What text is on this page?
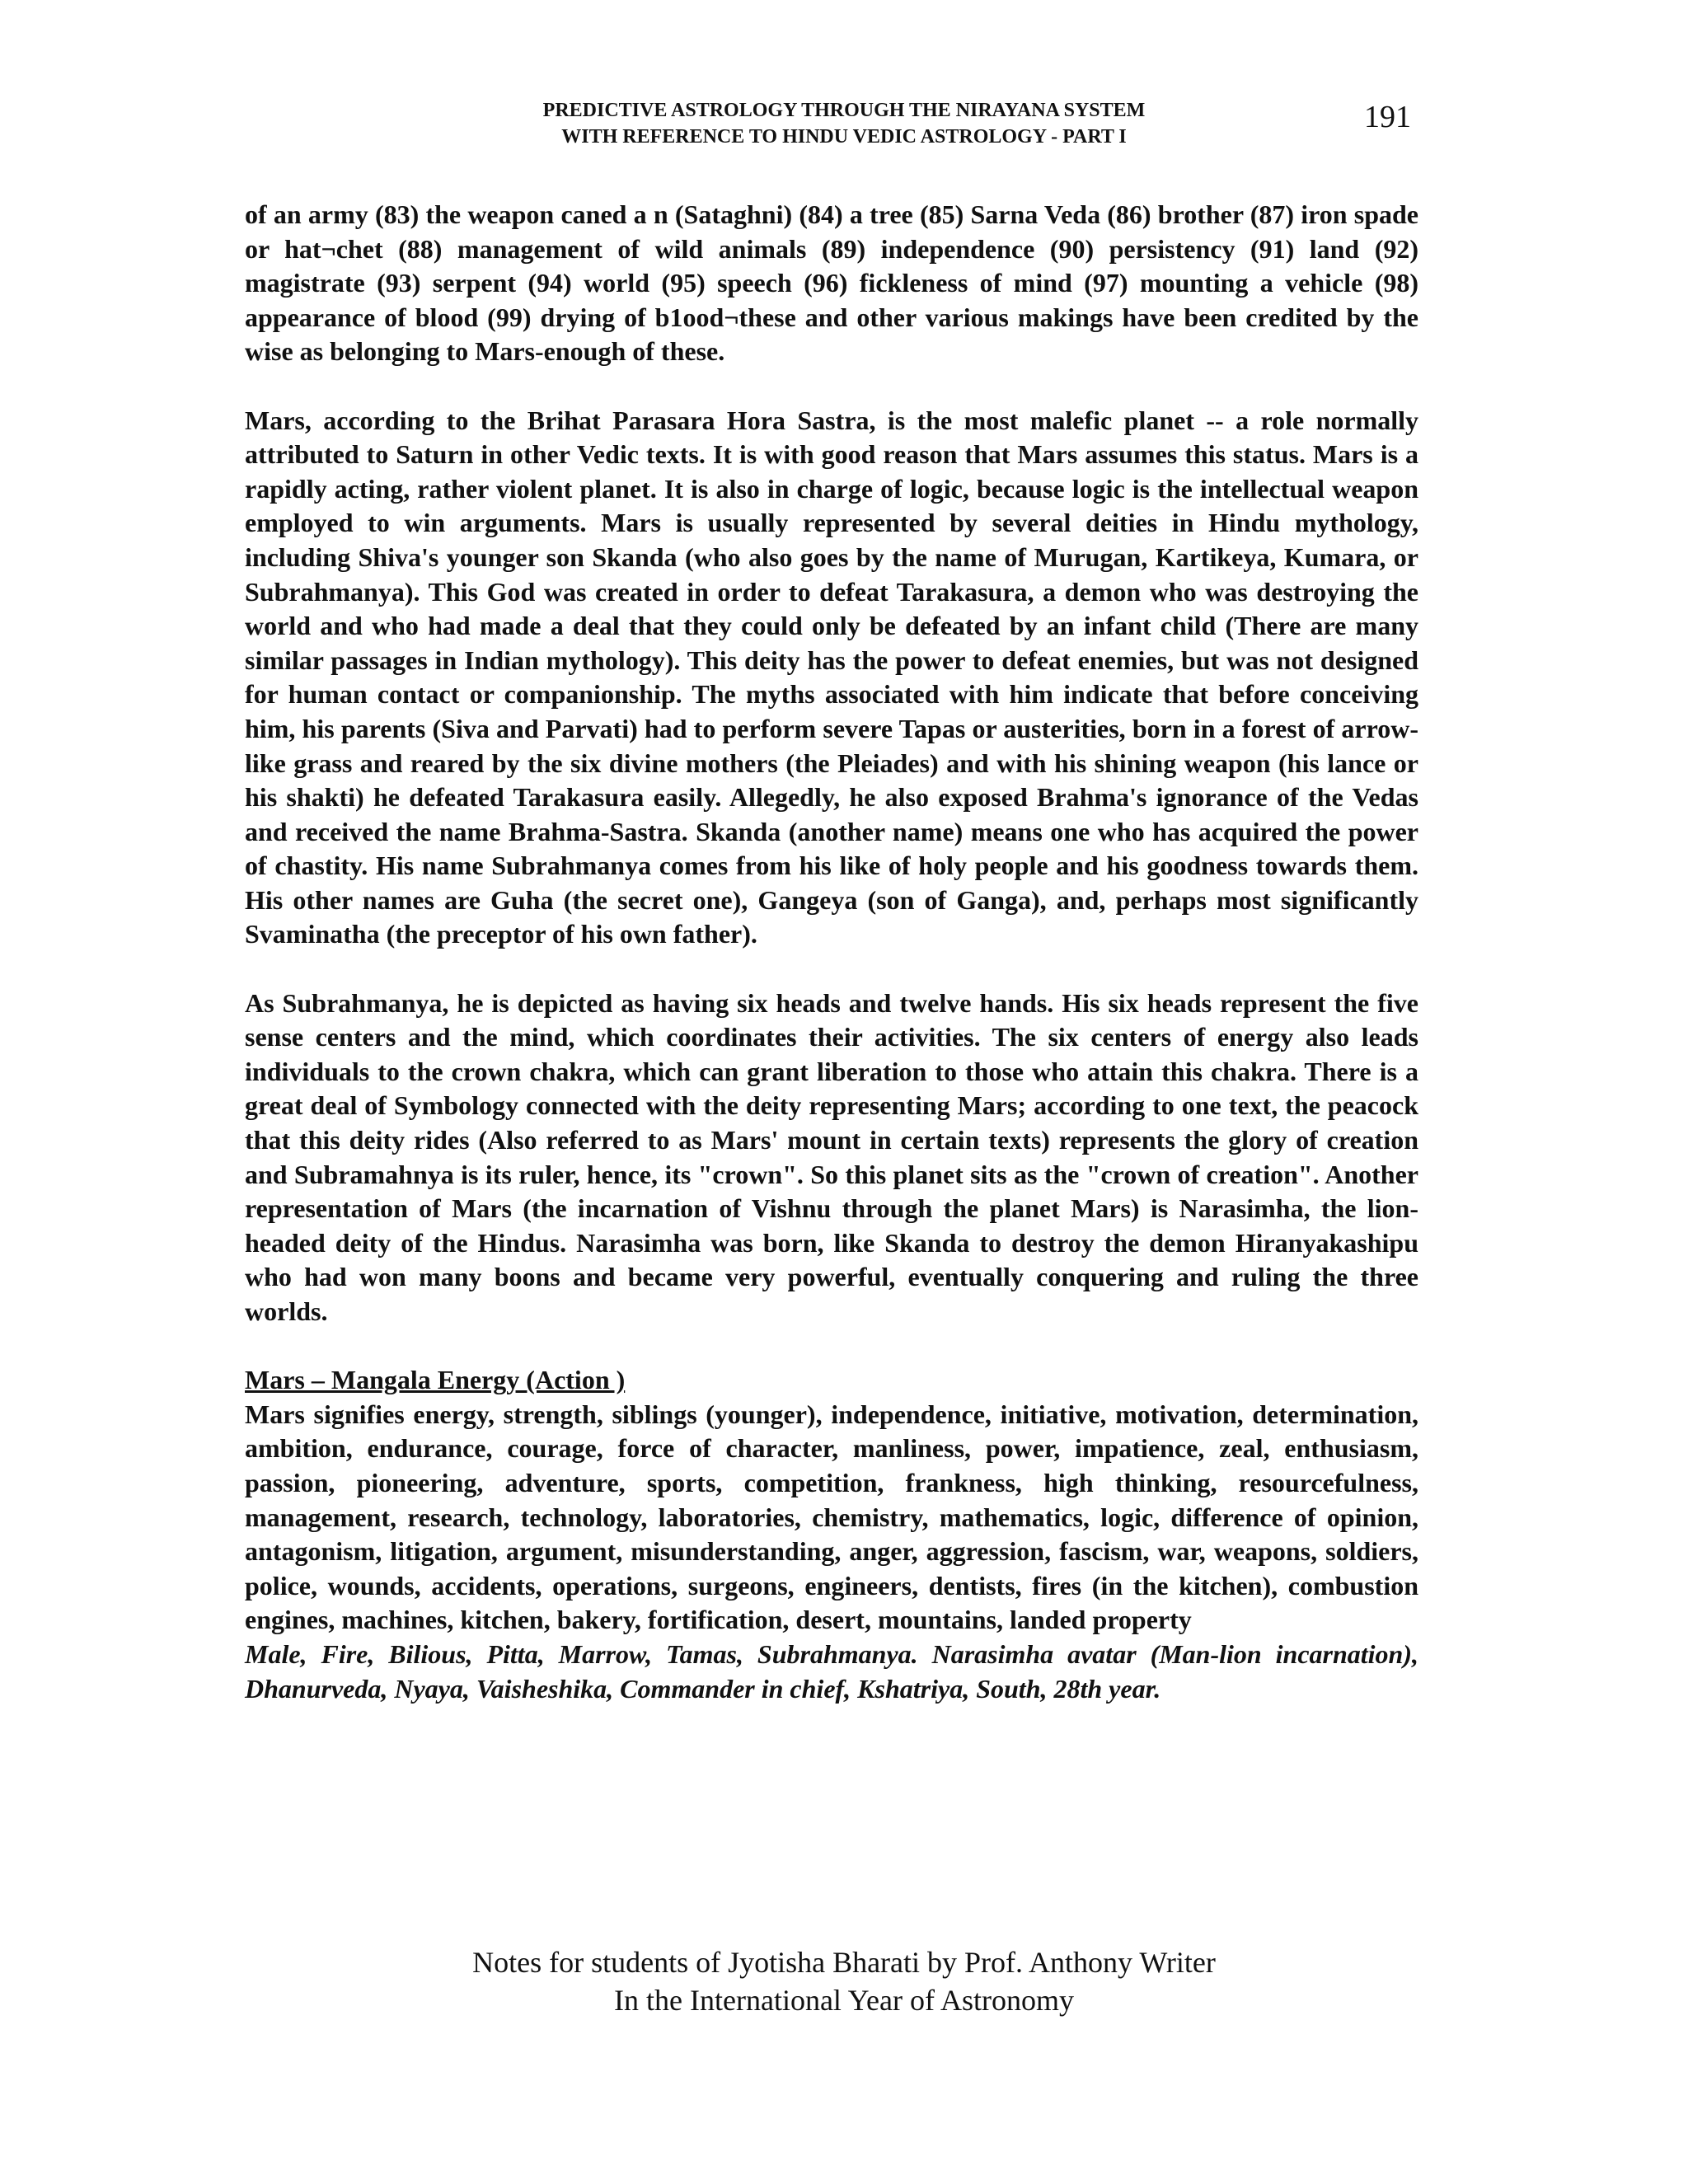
PREDICTIVE ASTROLOGY THROUGH THE NIRAYANA SYSTEM
WITH REFERENCE TO HINDU VEDIC ASTROLOGY - PART I
191

of an army (83) the weapon caned a n (Sataghni) (84) a tree (85) Sarna Veda (86) brother (87) iron spade or hat¬chet (88) management of wild animals (89) independence (90) persistency (91) land (92) magistrate (93) serpent (94) world (95) speech (96) fickleness of mind (97) mounting a vehicle (98) appearance of blood (99) drying of b1ood¬these and other various makings have been credited by the wise as belonging to Mars-enough of these.

Mars, according to the Brihat Parasara Hora Sastra, is the most malefic planet -- a role normally attributed to Saturn in other Vedic texts. It is with good reason that Mars assumes this status. Mars is a rapidly acting, rather violent planet. It is also in charge of logic, because logic is the intellectual weapon employed to win arguments. Mars is usually represented by several deities in Hindu mythology, including Shiva's younger son Skanda (who also goes by the name of Murugan, Kartikeya, Kumara, or Subrahmanya). This God was created in order to defeat Tarakasura, a demon who was destroying the world and who had made a deal that they could only be defeated by an infant child (There are many similar passages in Indian mythology). This deity has the power to defeat enemies, but was not designed for human contact or companionship. The myths associated with him indicate that before conceiving him, his parents (Siva and Parvati) had to perform severe Tapas or austerities, born in a forest of arrow-like grass and reared by the six divine mothers (the Pleiades) and with his shining weapon (his lance or his shakti) he defeated Tarakasura easily. Allegedly, he also exposed Brahma's ignorance of the Vedas and received the name Brahma-Sastra. Skanda (another name) means one who has acquired the power of chastity. His name Subrahmanya comes from his like of holy people and his goodness towards them. His other names are Guha (the secret one), Gangeya (son of Ganga), and, perhaps most significantly Svaminatha (the preceptor of his own father).

As Subrahmanya, he is depicted as having six heads and twelve hands. His six heads represent the five sense centers and the mind, which coordinates their activities. The six centers of energy also leads individuals to the crown chakra, which can grant liberation to those who attain this chakra. There is a great deal of Symbology connected with the deity representing Mars; according to one text, the peacock that this deity rides (Also referred to as Mars' mount in certain texts) represents the glory of creation and Subramahnya is its ruler, hence, its "crown". So this planet sits as the "crown of creation". Another representation of Mars (the incarnation of Vishnu through the planet Mars) is Narasimha, the lion-headed deity of the Hindus. Narasimha was born, like Skanda to destroy the demon Hiranyakashipu who had won many boons and became very powerful, eventually conquering and ruling the three worlds.

Mars – Mangala Energy (Action )

Mars signifies energy, strength, siblings (younger), independence, initiative, motivation, determination, ambition, endurance, courage, force of character, manliness, power, impatience, zeal, enthusiasm, passion, pioneering, adventure, sports, competition, frankness, high thinking, resourcefulness, management, research, technology, laboratories, chemistry, mathematics, logic, difference of opinion, antagonism, litigation, argument, misunderstanding, anger, aggression, fascism, war, weapons, soldiers, police, wounds, accidents, operations, surgeons, engineers, dentists, fires (in the kitchen), combustion engines, machines, kitchen, bakery, fortification, desert, mountains, landed property

Male, Fire, Bilious, Pitta, Marrow, Tamas, Subrahmanya. Narasimha avatar (Man-lion incarnation), Dhanurveda, Nyaya, Vaisheshika, Commander in chief, Kshatriya, South, 28th year.

Notes for students of Jyotisha Bharati by Prof. Anthony Writer
In the International Year of Astronomy
